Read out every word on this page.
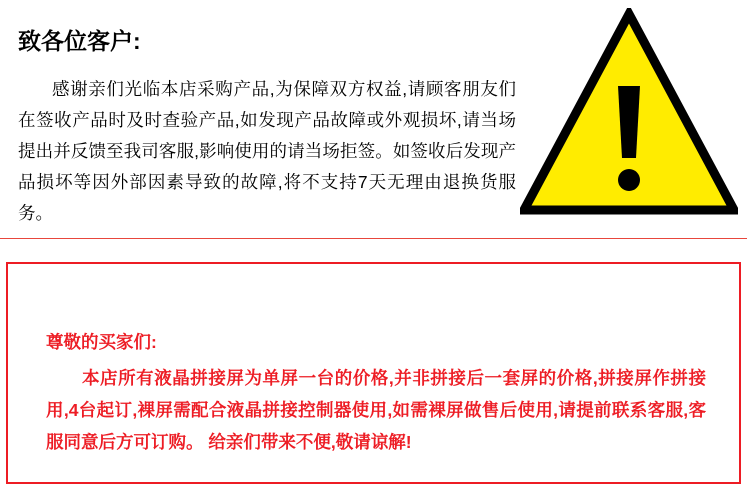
致各位客户:

感谢亲们光临本店采购产品,为保障双方权益,请顾客朋友们在签收产品时及时查验产品,如发现产品故障或外观损坏,请当场提出并反馈至我司客服,影响使用的请当场拒签。如签收后发现产品损坏等因外部因素导致的故障,将不支持7天无理由退换货服务。

尊敬的买家们:

本店所有液晶拼接屏为单屏一台的价格,并非拼接后一套屏的价格,拼接屏作拼接用,4台起订,裸屏需配合液晶拼接控制器使用,如需裸屏做售后使用,请提前联系客服,客服同意后方可订购。 给亲们带来不便,敬请谅解!
